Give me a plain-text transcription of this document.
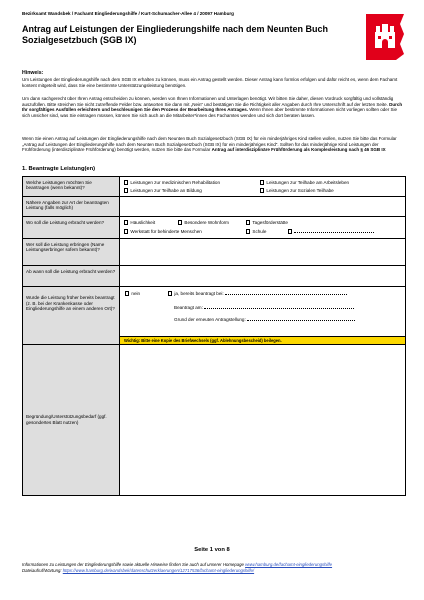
Bezirksamt Wandsbek / Fachamt Eingliederungshilfe / Kurt-Schumacher-Allee 4 / 20097 Hamburg
Antrag auf Leistungen der Eingliederungshilfe nach dem Neunten Buch Sozialgesetzbuch (SGB IX)
Hinweis:
Um Leistungen der Eingliederungshilfe nach dem SGB IX erhalten zu können, muss ein Antrag gestellt werden. Dieser Antrag kann formlos erfolgen und dafür reicht es, wenn dem Fachamt kontent mitgeteilt wird, dass Sie eine bestimmte Unterstützungsleistung benötigen.
Um dann sachgerecht über Ihren Antrag entscheiden zu können, werden von Ihnen Informationen und Unterlagen benötigt. Wir bitten Sie daher, diesen Vordruck sorgfältig und vollständig auszufüllen. Bitte streichen Sie nicht zutreffende Felder bzw. antworten Sie dann mit „Nein“ und bestätigen Sie die Richtigkeit aller Angaben durch Ihre Unterschrift auf der letzten Seite. Durch Ihr sorgfältiges Ausfüllen erleichtern und beschleunigen Sie den Prozess der Bearbeitung Ihres Antrages. Wenn Ihnen aber bestimmte Informationen nicht vorliegen sollten oder Sie sich unsicher sind, was Sie eintragen müssen, können Sie sich auch an die Mitarbeiter*innen des Fachamtes wenden und sich dort beraten lassen.
Wenn Sie einen Antrag auf Leistungen der Eingliederungshilfe nach dem Neunten Buch Sozialgesetzbuch (SGB IX) für ein minderjähriges Kind stellen wollen, nutzen Sie bitte das Formular „Antrag auf Leistungen der Eingliederungshilfe nach dem Neunten Buch Sozialgesetzbuch (SGB IX) für ein minderjähriges Kind“. Sollten für das minderjährige Kind Leistungen der Frühförderung (interdisziplinäre Frühförderung) benötigt werden, nutzen Sie bitte das Formular Antrag auf interdisziplinäre Frühförderung als Komplexleistung nach § 46 SGB IX
1. Beantragte Leistung(en)
Welche Leistungen möchten Sie beantragen (wenn bekannt)?
Leistungen zur medizinischen Rehabilitation	Leistungen zur Teilhabe am Arbeitsleben
Leistungen zur Teilhabe an Bildung	Leistungen zur Sozialen Teilhabe
Nähere Angaben zur Art der beantragten Leistung (falls möglich)
Wo soll die Leistung erbracht werden?	Häuslichkeit	Besondere Wohnform	Tagesförderstätte
Werkstatt für behinderte Menschen	Schule
Wer soll die Leistung erbringen (Name Leistungserbringer sofern bekannt)?
Ab wann soll die Leistung erbracht werden?
Wurde die Leistung früher bereits beantragt (z. B. bei der Krankenkasse oder Eingliederungshilfe an einem anderen Ort)?
nein	ja, bereits beantragt bei:
Beantragt am:
Grund der erneuten Antragstellung:
Wichtig: Bitte eine Kopie des Briefwechsels (ggf. Ablehnungsbescheid) beilegen.
Begründung/Unterstützungsbedarf (ggf. gesondertes Blatt nutzen)
Seite 1 von 8
Informationen zu Leistungen der Eingliederungshilfe sowie aktuelle Hinweise finden Sie auch auf unserer Homepage www.hamburg.de/fachamt-eingliederungshilfe
Dateiaufruf/Wartung: https://www.hamburg.de/wandsbek/datenschutzerklaerungen/12717536/fachamt-eingliederungshilfe/
